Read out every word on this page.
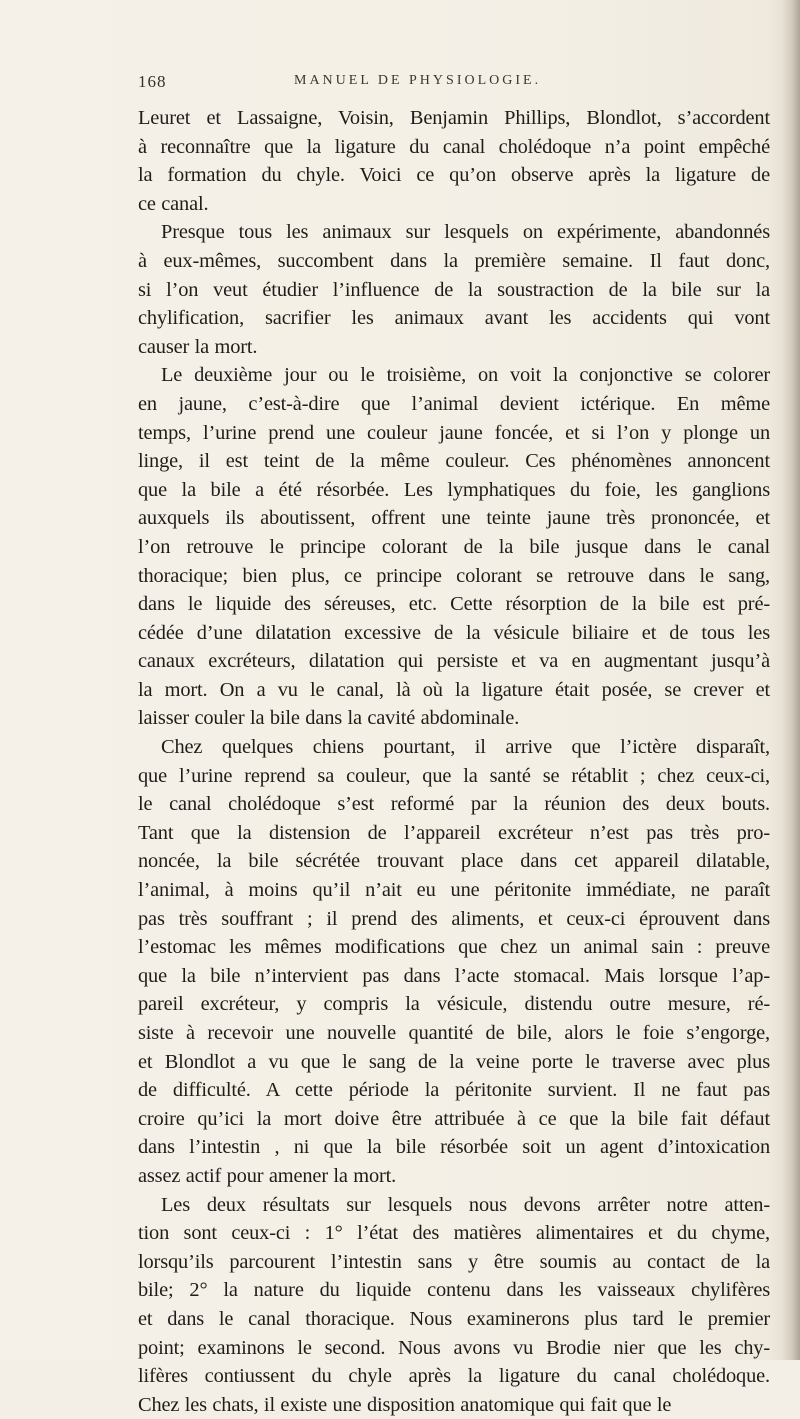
168	MANUEL DE PHYSIOLOGIE.
Leuret et Lassaigne, Voisin, Benjamin Phillips, Blondlot, s’accordent
à reconnaître que la ligature du canal cholédoque n’a point empêché
la formation du chyle. Voici ce qu’on observe après la ligature de
ce canal.
Presque tous les animaux sur lesquels on expérimente, abandonnés
à eux-mêmes, succombent dans la première semaine. Il faut donc,
si l’on veut étudier l’influence de la soustraction de la bile sur la
chylification, sacrifier les animaux avant les accidents qui vont
causer la mort.
Le deuxième jour ou le troisième, on voit la conjonctive se colorer
en jaune, c’est-à-dire que l’animal devient ictérique. En même
temps, l’urine prend une couleur jaune foncée, et si l’on y plonge un
linge, il est teint de la même couleur. Ces phénomènes annoncent
que la bile a été résorbée. Les lymphatiques du foie, les ganglions
auxquels ils aboutissent, offrent une teinte jaune très prononcée, et
l’on retrouve le principe colorant de la bile jusque dans le canal
thoracique; bien plus, ce principe colorant se retrouve dans le sang,
dans le liquide des séreuses, etc. Cette résorption de la bile est pré-
cédée d’une dilatation excessive de la vésicule biliaire et de tous les
canaux excréteurs, dilatation qui persiste et va en augmentant jusqu’à
la mort. On a vu le canal, là où la ligature était posée, se crever et
laisser couler la bile dans la cavité abdominale.
Chez quelques chiens pourtant, il arrive que l’ictère disparaît,
que l’urine reprend sa couleur, que la santé se rétablit ; chez ceux-ci,
le canal cholédoque s’est reformé par la réunion des deux bouts.
Tant que la distension de l’appareil excréteur n’est pas très pro-
noncée, la bile sécrétée trouvant place dans cet appareil dilatable,
l’animal, à moins qu’il n’ait eu une péritonite immédiate, ne paraît
pas très souffrant ; il prend des aliments, et ceux-ci éprouvent dans
l’estomac les mêmes modifications que chez un animal sain : preuve
que la bile n’intervient pas dans l’acte stomacal. Mais lorsque l’ap-
pareil excréteur, y compris la vésicule, distendu outre mesure, ré-
siste à recevoir une nouvelle quantité de bile, alors le foie s’engorge,
et Blondlot a vu que le sang de la veine porte le traverse avec plus
de difficulté. A cette période la péritonite survient. Il ne faut pas
croire qu’ici la mort doive être attribuée à ce que la bile fait défaut
dans l’intestin , ni que la bile résorbée soit un agent d’intoxication
assez actif pour amener la mort.
Les deux résultats sur lesquels nous devons arrêter notre atten-
tion sont ceux-ci : 1° l’état des matières alimentaires et du chyme,
lorsqu’ils parcourent l’intestin sans y être soumis au contact de la
bile; 2° la nature du liquide contenu dans les vaisseaux chylifères
et dans le canal thoracique. Nous examinerons plus tard le premier
point; examinons le second. Nous avons vu Brodie nier que les chy-
lifères contiussent du chyle après la ligature du canal cholédoque.
Chez les chats, il existe une disposition anatomique qui fait que le
